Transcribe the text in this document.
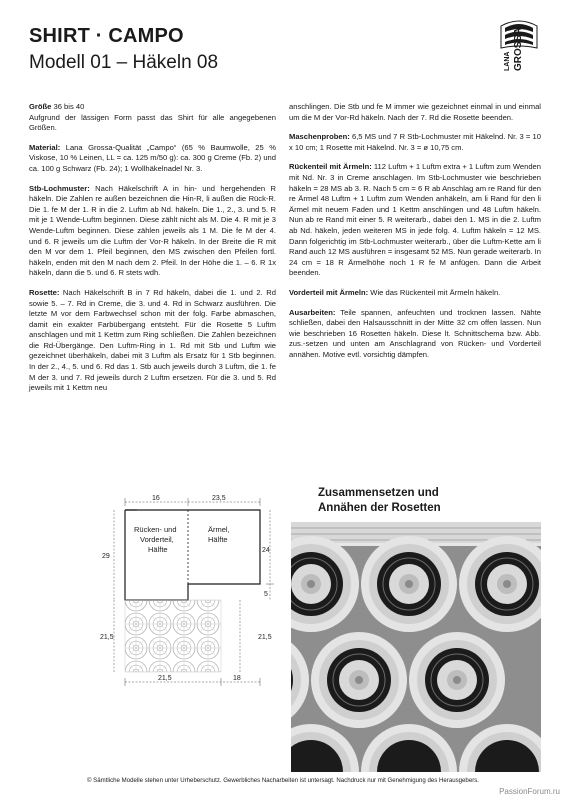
SHIRT · CAMPO
Modell 01 – Häkeln 08	LANA GROSSA

Größe 36 bis 40
Aufgrund der lässigen Form passt das Shirt für alle angegebenen Größen.

Material: Lana Grossa-Qualität „Campo“ (65 % Baumwolle, 25 % Viskose, 10 % Leinen, LL = ca. 125 m/50 g): ca. 300 g Creme (Fb. 2) und ca. 100 g Schwarz (Fb. 24); 1 Wollhäkelnadel Nr. 3.

Stb-Lochmuster: Nach Häkelschrift A in hin- und hergehenden R häkeln. Die Zahlen re außen bezeichnen die Hin-R, li außen die Rück-R. Die 1. fe M der 1. R in die 2. Luftm ab Nd. häkeln. Die 1., 2., 3. und 5. R mit je 1 Wende-Luftm beginnen. Diese zählt nicht als M. Die 4. R mit je 3 Wende-Luftm beginnen. Diese zählen jeweils als 1 M. Die fe M der 4. und 6. R jeweils um die Luftm der Vor-R häkeln. In der Breite die R mit den M vor dem 1. Pfeil beginnen, den MS zwischen den Pfeilen fortl. häkeln, enden mit den M nach dem 2. Pfeil. In der Höhe die 1. – 6. R 1x häkeln, dann die 5. und 6. R stets wdh.

Rosette: Nach Häkelschrift B in 7 Rd häkeln, dabei die 1. und 2. Rd sowie 5. – 7. Rd in Creme, die 3. und 4. Rd in Schwarz ausführen. Die letzte M vor dem Farbwechsel schon mit der folg. Farbe abmaschen, damit ein exakter Farbübergang entsteht. Für die Rosette 5 Luftm anschlagen und mit 1 Kettm zum Ring schließen. Die Zahlen bezeichnen die Rd-Übergänge. Den Luftm-Ring in 1. Rd mit Stb und Luftm wie gezeichnet überhäkeln, dabei mit 3 Luftm als Ersatz für 1 Stb beginnen. In der 2., 4., 5. und 6. Rd das 1. Stb auch jeweils durch 3 Luftm, die 1. fe M der 3. und 7. Rd jeweils durch 2 Luftm ersetzen. Für die 3. und 5. Rd jeweils mit 1 Kettm neu

anschlingen. Die Stb und fe M immer wie gezeichnet einmal in und einmal um die M der Vor-Rd häkeln. Nach der 7. Rd die Rosette beenden.

Maschenproben: 6,5 MS und 7 R Stb-Lochmuster mit Häkelnd. Nr. 3 = 10 x 10 cm; 1 Rosette mit Häkelnd. Nr. 3 = ø 10,75 cm.

Rückenteil mit Ärmeln: 112 Luftm + 1 Luftm extra + 1 Luftm zum Wenden mit Nd. Nr. 3 in Creme anschlagen. Im Stb-Lochmuster wie beschrieben häkeln = 28 MS ab 3. R. Nach 5 cm = 6 R ab Anschlag am re Rand für den re Ärmel 48 Luftm + 1 Luftm zum Wenden anhäkeln, am li Rand für den li Ärmel mit neuem Faden und 1 Kettm anschlingen und 48 Luftm häkeln. Nun ab re Rand mit einer 5. R weiterarb., dabei den 1. MS in die 2. Luftm ab Nd. häkeln, jeden weiteren MS in jede folg. 4. Luftm häkeln = 12 MS. Dann folgerichtig im Stb-Lochmuster weiterarb., über die Luftm-Kette am li Rand auch 12 MS ausführen = insgesamt 52 MS. Nun gerade weiterarb. In 24 cm = 18 R Ärmelhöhe noch 1 R fe M anfügen. Dann die Arbeit beenden.

Vorderteil mit Ärmeln: Wie das Rückenteil mit Ärmeln häkeln.

Ausarbeiten: Teile spannen, anfeuchten und trocknen lassen. Nähte schließen, dabei den Halsausschnitt in der Mitte 32 cm offen lassen. Nun wie beschrieben 16 Rosetten häkeln. Diese lt. Schnittschema bzw. Abb. zus.-setzen und unten am Anschlagrand von Rücken- und Vorderteil annähen. Motive evtl. vorsichtig dämpfen.

16	23,5
Rücken- und
Vorderteil,
Hälfte
Ärmel,
Hälfte
29
24
5
21,5	21,5
21,5	18
Zusammensetzen und
Annähen der Rosetten
© Sämtliche Modelle stehen unter Urheberschutz. Gewerbliches Nacharbeiten ist untersagt. Nachdruck nur mit Genehmigung des Herausgebers.
PassionForum.ru
